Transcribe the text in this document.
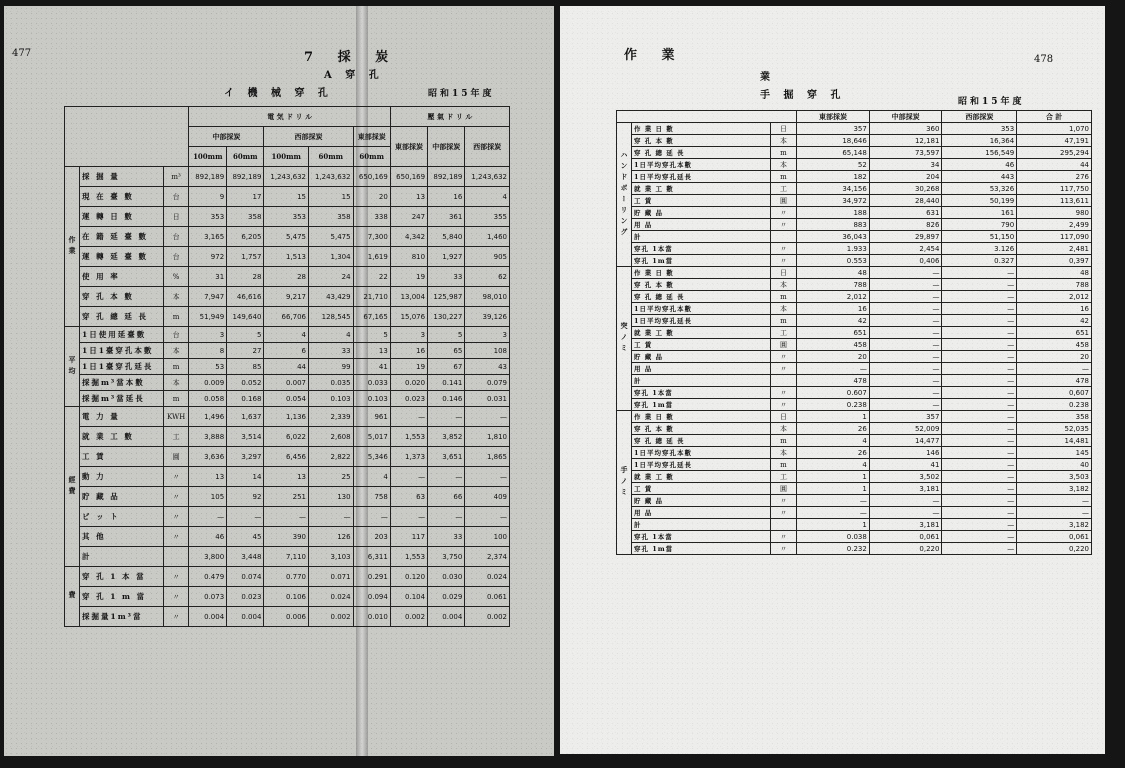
477	7 採 炭
A 穿 孔
イ 機 械 穿 孔	昭和15年度
			電 気 ド リ ル					壓 氣 ド リ ル		
			中部採炭		西部採炭		東部採炭	東部採炭	中部採炭	西部採炭
			100mm	60mm	100mm	60mm	60mm			
作業	採 掘 量	m³	892,189	892,189	1,243,632	1,243,632	650,169	650,169	892,189	1,243,632
	現 在 臺 數	台	9	17	15	15	20	13	16	4
	運 轉 日 數	日	353	358	353	358	338	247	361	355
	在 籍 延 臺 數	台	3,165	6,205	5,475	5,475	7,300	4,342	5,840	1,460
	運 轉 延 臺 數	台	972	1,757	1,513	1,304	1,619	810	1,927	905
	使 用 率	%	31	28	28	24	22	19	33	62
	穿 孔 本 數	本	7,947	46,616	9,217	43,429	21,710	13,004	125,987	98,010
	穿 孔 總 延 長	m	51,949	149,640	66,706	128,545	67,165	15,076	130,227	39,126
平均	1日使用延臺數	台	3	5	4	4	5	3	5	3
	1日1臺穿孔本數	本	8	27	6	33	13	16	65	108
	1日1臺穿孔延長	m	53	85	44	99	41	19	67	43
	採掘m³當本數	本	0.009	0.052	0.007	0.035	0.033	0.020	0.141	0.079
	採掘m³當延長	m	0.058	0.168	0.054	0.103	0.103	0.023	0.146	0.031
經費	電 力 量	KWH	1,496	1,637	1,136	2,339	961	—	—	—
	就 業 工 數	工	3,888	3,514	6,022	2,608	5,017	1,553	3,852	1,810
	工 賃	圓	3,636	3,297	6,456	2,822	5,346	1,373	3,651	1,865
	動 力	〃	13	14	13	25	4	—	—	—
	貯 藏 品	〃	105	92	251	130	758	63	66	409
	ビ ッ ト	〃	—	—	—	—	—	—	—	—
	其 他	〃	46	45	390	126	203	117	33	100
	計		3,800	3,448	7,110	3,103	6,311	1,553	3,750	2,374
費	穿 孔 1 本 當	〃	0.479	0.074	0.770	0.071	0.291	0.120	0.030	0.024
	穿 孔 1 m 當	〃	0.073	0.023	0.106	0.024	0.094	0.104	0.029	0.061
	採掘量1m³當	〃	0.004	0.004	0.006	0.002	0.010	0.002	0.004	0.002
作 業	478
業
手 掘 穿 孔
昭和15年度
			東部採炭	中部採炭	西部採炭	合 計
ハンドボーリング	作 業 日 數	日	357	360	353	1,070
	穿 孔 本 數	本	18,646	12,181	16,364	47,191
	穿 孔 總 延 長	m	65,148	73,597	156,549	295,294
	1日平均穿孔本數	本	52	34	46	44
	1日平均穿孔延長	m	182	204	443	276
	就 業 工 數	工	34,156	30,268	53,326	117,750
	工 賃	圓	34,972	28,440	50,199	113,611
	貯 藏 品	〃	188	631	161	980
	用 品	〃	883	826	790	2,499
	計		36,043	29,897	51,150	117,090
	穿孔 1本當	〃	1.933	2,454	3.126	2,481
	穿孔 1m當	〃	0.553	0,406	0.327	0,397
突ノミ	作 業 日 數	日	48	—	—	48
	穿 孔 本 數	本	788	—	—	788
	穿 孔 總 延 長	m	2,012	—	—	2,012
	1日平均穿孔本數	本	16	—	—	16
	1日平均穿孔延長	m	42	—	—	42
	就 業 工 數	工	651	—	—	651
	工 賃	圓	458	—	—	458
	貯 藏 品	〃	20	—	—	20
	用 品	〃	—	—	—	—
	計		478	—	—	478
	穿孔 1本當	〃	0.607	—	—	0,607
	穿孔 1m當	〃	0.238	—	—	0.238
手ノミ	作 業 日 數	日	1	357	—	358
	穿 孔 本 數	本	26	52,009	—	52,035
	穿 孔 總 延 長	m	4	14,477	—	14,481
	1日平均穿孔本數	本	26	146	—	145
	1日平均穿孔延長	m	4	41	—	40
	就 業 工 數	工	1	3,502	—	3,503
	工 賃	圓	1	3,181	—	3,182
	貯 藏 品	〃	—	—	—	—
	用 品	〃	—	—	—	—
	計		1	3,181	—	3,182
	穿孔 1本當	〃	0.038	0,061	—	0,061
	穿孔 1m當	〃	0.232	0,220	—	0,220
